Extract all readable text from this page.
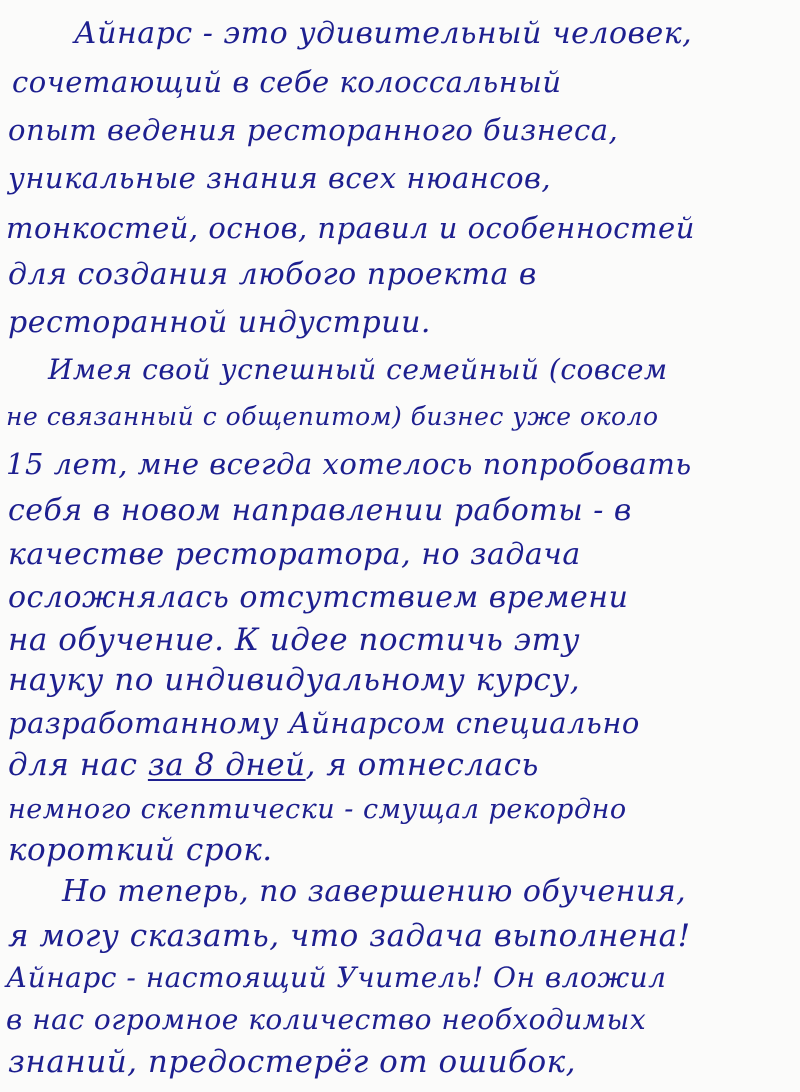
Айнарс - это удивительный человек,
сочетающий в себе колоссальный
опыт ведения ресторанного бизнеса,
уникальные знания всех нюансов,
тонкостей, основ, правил и особенностей
для создания любого проекта в
ресторанной индустрии.
Имея свой успешный семейный (совсем
не связанный с общепитом) бизнес уже около
15 лет, мне всегда хотелось попробовать
себя в новом направлении работы - в
качестве ресторатора, но задача
осложнялась отсутствием времени
на обучение. К идее постичь эту
науку по индивидуальному курсу,
разработанному Айнарсом специально
для нас за 8 дней, я отнеслась
немного скептически - смущал рекордно
короткий срок.
Но теперь, по завершению обучения,
я могу сказать, что задача выполнена!
Айнарс - настоящий Учитель! Он вложил
в нас огромное количество необходимых
знаний, предостерёг от ошибок,
